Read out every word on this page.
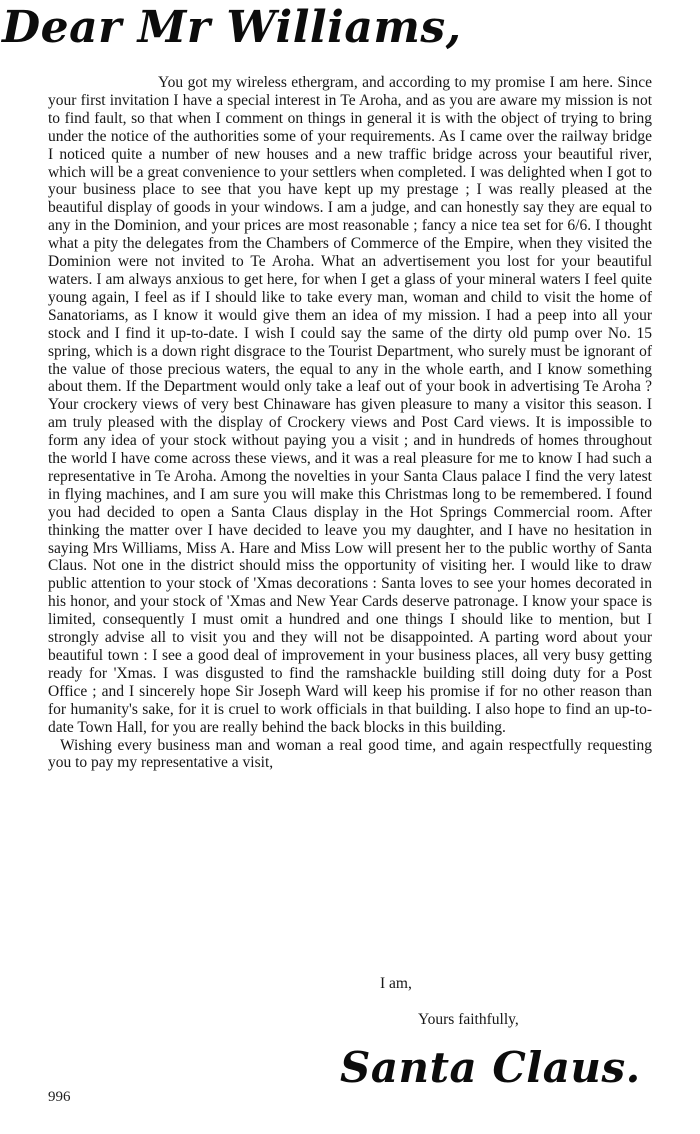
Dear Mr Williams,

You got my wireless ethergram, and according to my promise I am here. Since your first invitation I have a special interest in Te Aroha, and as you are aware my mission is not to find fault, so that when I comment on things in general it is with the object of trying to bring under the notice of the authorities some of your requirements. As I came over the railway bridge I noticed quite a number of new houses and a new traffic bridge across your beautiful river, which will be a great convenience to your settlers when completed. I was delighted when I got to your business place to see that you have kept up my prestage ; I was really pleased at the beautiful display of goods in your windows. I am a judge, and can honestly say they are equal to any in the Dominion, and your prices are most reasonable ; fancy a nice tea set for 6/6. I thought what a pity the delegates from the Chambers of Commerce of the Empire, when they visited the Dominion were not invited to Te Aroha. What an advertisement you lost for your beautiful waters. I am always anxious to get here, for when I get a glass of your mineral waters I feel quite young again, I feel as if I should like to take every man, woman and child to visit the home of Sanatoriams, as I know it would give them an idea of my mission. I had a peep into all your stock and I find it up-to-date. I wish I could say the same of the dirty old pump over No. 15 spring, which is a down right disgrace to the Tourist Department, who surely must be ignorant of the value of those precious waters, the equal to any in the whole earth, and I know something about them. If the Department would only take a leaf out of your book in advertising Te Aroha ? Your crockery views of very best Chinaware has given pleasure to many a visitor this season. I am truly pleased with the display of Crockery views and Post Card views. It is impossible to form any idea of your stock without paying you a visit ; and in hundreds of homes throughout the world I have come across these views, and it was a real pleasure for me to know I had such a representative in Te Aroha. Among the novelties in your Santa Claus palace I find the very latest in flying machines, and I am sure you will make this Christmas long to be remembered. I found you had decided to open a Santa Claus display in the Hot Springs Commercial room. After thinking the matter over I have decided to leave you my daughter, and I have no hesitation in saying Mrs Williams, Miss A. Hare and Miss Low will present her to the public worthy of Santa Claus. Not one in the district should miss the opportunity of visiting her. I would like to draw public attention to your stock of 'Xmas decorations : Santa loves to see your homes decorated in his honor, and your stock of 'Xmas and New Year Cards deserve patronage. I know your space is limited, consequently I must omit a hundred and one things I should like to mention, but I strongly advise all to visit you and they will not be disappointed. A parting word about your beautiful town : I see a good deal of improvement in your business places, all very busy getting ready for 'Xmas. I was disgusted to find the ramshackle building still doing duty for a Post Office ; and I sincerely hope Sir Joseph Ward will keep his promise if for no other reason than for humanity's sake, for it is cruel to work officials in that building. I also hope to find an up-to-date Town Hall, for you are really behind the back blocks in this building.

Wishing every business man and woman a real good time, and again respectfully requesting you to pay my representative a visit,

I am,

Yours faithfully,

Santa Claus.

996
